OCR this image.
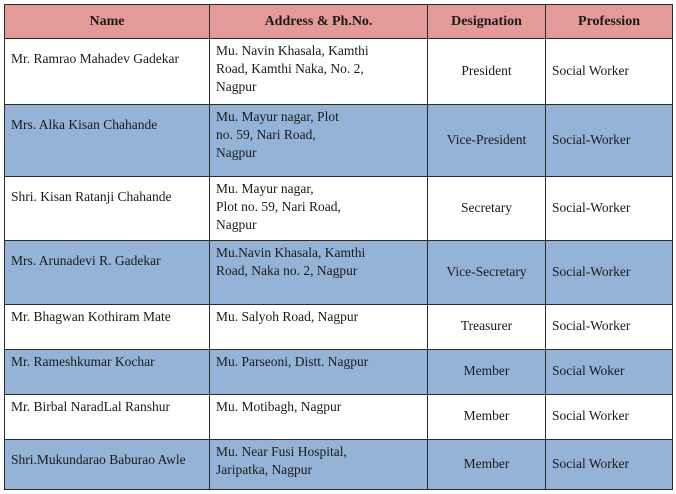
Name	Address & Ph.No.	Designation	Profession
Mr. Ramrao Mahadev Gadekar	Mu. Navin Khasala, Kamthi
Road, Kamthi Naka, No. 2,
Nagpur	President	Social Worker
Mrs. Alka Kisan Chahande	Mu. Mayur nagar, Plot
no. 59, Nari Road,
Nagpur	Vice-President	Social-Worker
Shri. Kisan Ratanji Chahande	Mu. Mayur nagar,
Plot no. 59, Nari Road,
Nagpur	Secretary	Social-Worker
Mrs. Arunadevi R. Gadekar	Mu.Navin Khasala, Kamthi
Road, Naka no. 2, Nagpur	Vice-Secretary	Social-Worker
Mr. Bhagwan Kothiram Mate	Mu. Salyoh Road, Nagpur	Treasurer	Social-Worker
Mr. Rameshkumar Kochar	Mu. Parseoni, Distt. Nagpur	Member	Social Woker
Mr. Birbal NaradLal Ranshur	Mu. Motibagh, Nagpur	Member	Social Worker
Shri.Mukundarao Baburao Awle	Mu. Near Fusi Hospital,
Jaripatka, Nagpur	Member	Social Worker
